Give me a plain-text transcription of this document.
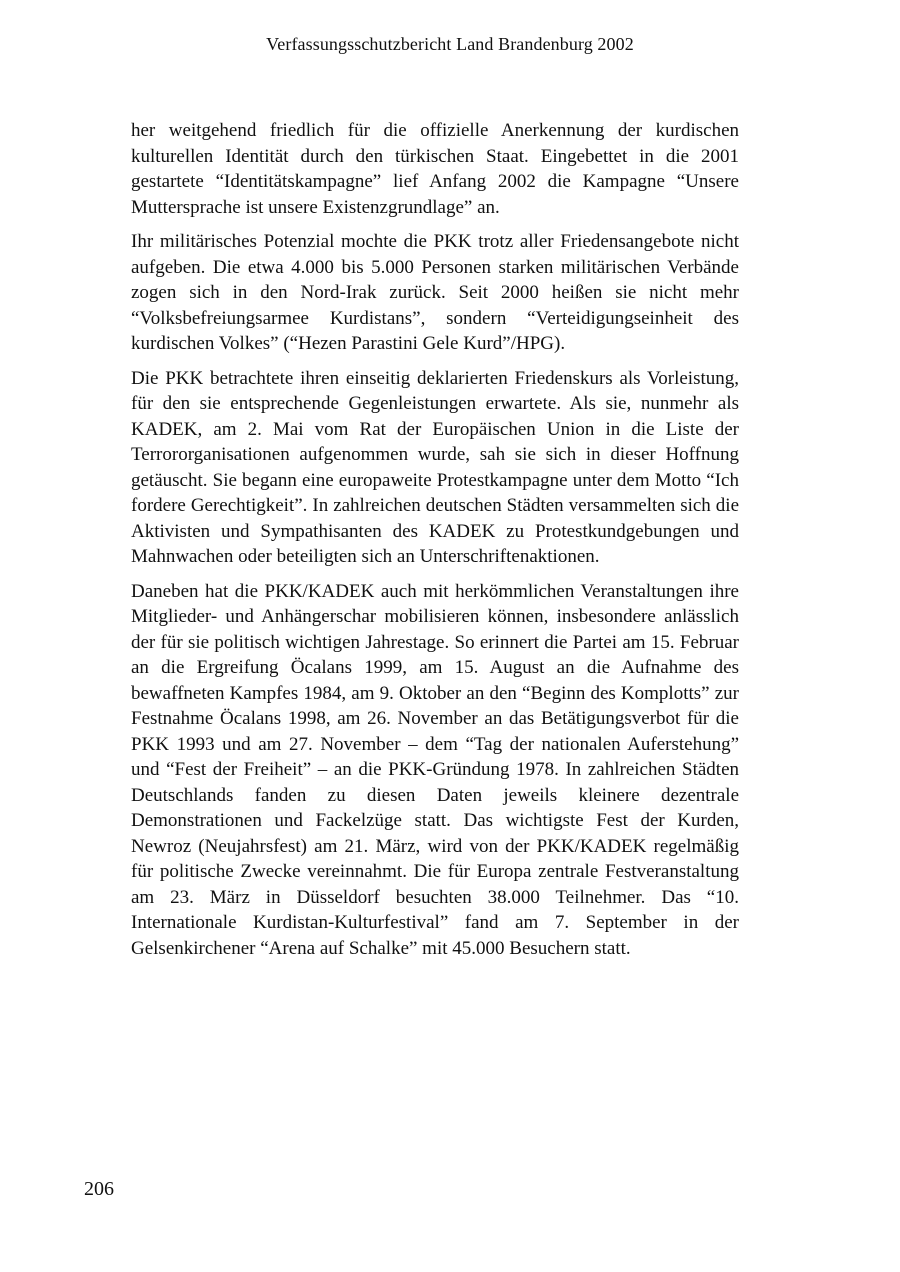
Verfassungsschutzbericht Land Brandenburg 2002

her weitgehend friedlich für die offizielle Anerkennung der kurdischen kulturellen Identität durch den türkischen Staat. Eingebettet in die 2001 gestartete “Identitätskampagne” lief Anfang 2002 die Kampagne “Unsere Muttersprache ist unsere Existenzgrundlage” an.

Ihr militärisches Potenzial mochte die PKK trotz aller Friedensangebote nicht aufgeben. Die etwa 4.000 bis 5.000 Personen starken militärischen Verbände zogen sich in den Nord-Irak zurück. Seit 2000 heißen sie nicht mehr “Volksbefreiungsarmee Kurdistans”, sondern “Verteidigungseinheit des kurdischen Volkes” (“Hezen Parastini Gele Kurd”/HPG).

Die PKK betrachtete ihren einseitig deklarierten Friedenskurs als Vorleistung, für den sie entsprechende Gegenleistungen erwartete. Als sie, nunmehr als KADEK, am 2. Mai vom Rat der Europäischen Union in die Liste der Terrororganisationen aufgenommen wurde, sah sie sich in dieser Hoffnung getäuscht. Sie begann eine europaweite Protestkampagne unter dem Motto “Ich fordere Gerechtigkeit”. In zahlreichen deutschen Städten versammelten sich die Aktivisten und Sympathisanten des KADEK zu Protestkundgebungen und Mahnwachen oder beteiligten sich an Unterschriftenaktionen.

Daneben hat die PKK/KADEK auch mit herkömmlichen Veranstaltungen ihre Mitglieder- und Anhängerschar mobilisieren können, insbesondere anlässlich der für sie politisch wichtigen Jahrestage. So erinnert die Partei am 15. Februar an die Ergreifung Öcalans 1999, am 15. August an die Aufnahme des bewaffneten Kampfes 1984, am 9. Oktober an den “Beginn des Komplotts” zur Festnahme Öcalans 1998, am 26. November an das Betätigungsverbot für die PKK 1993 und am 27. November – dem “Tag der nationalen Auferstehung” und “Fest der Freiheit” – an die PKK-Gründung 1978. In zahlreichen Städten Deutschlands fanden zu diesen Daten jeweils kleinere dezentrale Demonstrationen und Fackelzüge statt. Das wichtigste Fest der Kurden, Newroz (Neujahrsfest) am 21. März, wird von der PKK/KADEK regelmäßig für politische Zwecke vereinnahmt. Die für Europa zentrale Festveranstaltung am 23. März in Düsseldorf besuchten 38.000 Teilnehmer. Das “10. Internationale Kurdistan-Kulturfestival” fand am 7. September in der Gelsenkirchener “Arena auf Schalke” mit 45.000 Besuchern statt.

206
